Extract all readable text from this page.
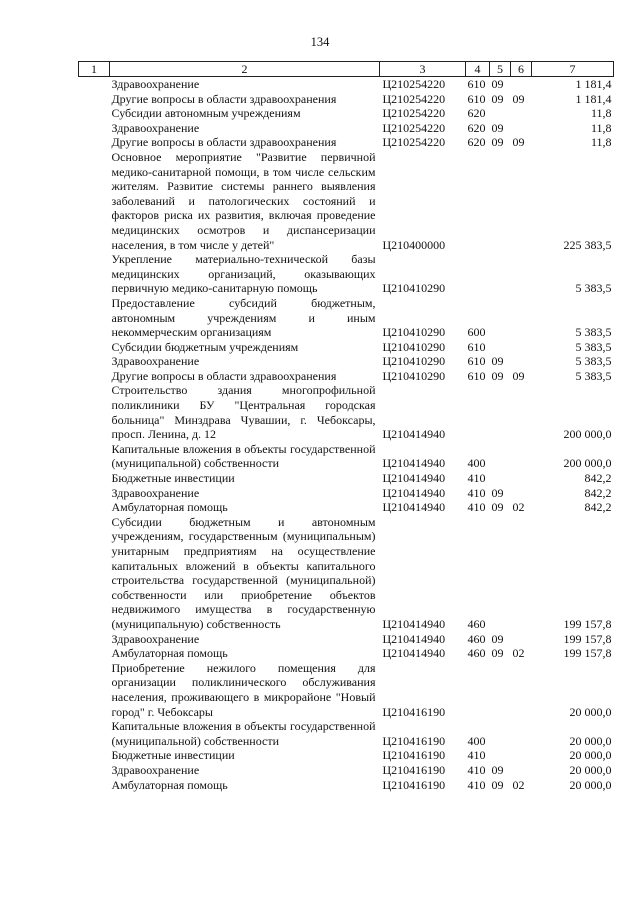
134
1	2	3	4	5	6	7
	Здравоохранение	Ц210254220	610	09		1 181,4
	Другие вопросы в области здравоохранения	Ц210254220	610	09	09	1 181,4
	Субсидии автономным учреждениям	Ц210254220	620			11,8
	Здравоохранение	Ц210254220	620	09		11,8
	Другие вопросы в области здравоохранения	Ц210254220	620	09	09	11,8
	Основное мероприятие "Развитие первичной медико-санитарной помощи, в том числе сельским жителям. Развитие системы раннего выявления заболеваний и патологических состояний и факторов риска их развития, включая проведение медицинских осмотров и диспансеризации населения, в том числе у детей"	Ц210400000				225 383,5
	Укрепление материально-технической базы медицинских организаций, оказывающих первичную медико-санитарную помощь	Ц210410290				5 383,5
	Предоставление субсидий бюджетным, автономным учреждениям и иным некоммерческим организациям	Ц210410290	600			5 383,5
	Субсидии бюджетным учреждениям	Ц210410290	610			5 383,5
	Здравоохранение	Ц210410290	610	09		5 383,5
	Другие вопросы в области здравоохранения	Ц210410290	610	09	09	5 383,5
	Строительство здания многопрофильной поликлиники БУ "Центральная городская больница" Минздрава Чувашии, г. Чебоксары, просп. Ленина, д. 12	Ц210414940				200 000,0
	Капитальные вложения в объекты государственной (муниципальной) собственности	Ц210414940	400			200 000,0
	Бюджетные инвестиции	Ц210414940	410			842,2
	Здравоохранение	Ц210414940	410	09		842,2
	Амбулаторная помощь	Ц210414940	410	09	02	842,2
	Субсидии бюджетным и автономным учреждениям, государственным (муниципальным) унитарным предприятиям на осуществление капитальных вложений в объекты капитального строительства государственной (муниципальной) собственности или приобретение объектов недвижимого имущества в государственную (муниципальную) собственность	Ц210414940	460			199 157,8
	Здравоохранение	Ц210414940	460	09		199 157,8
	Амбулаторная помощь	Ц210414940	460	09	02	199 157,8
	Приобретение нежилого помещения для организации поликлинического обслуживания населения, проживающего в микрорайоне "Новый город" г. Чебоксары	Ц210416190				20 000,0
	Капитальные вложения в объекты государственной (муниципальной) собственности	Ц210416190	400			20 000,0
	Бюджетные инвестиции	Ц210416190	410			20 000,0
	Здравоохранение	Ц210416190	410	09		20 000,0
	Амбулаторная помощь	Ц210416190	410	09	02	20 000,0
